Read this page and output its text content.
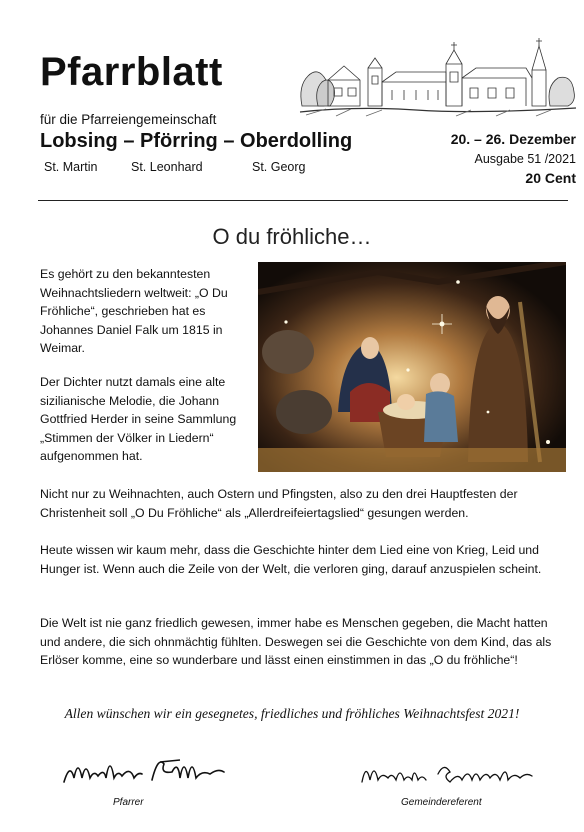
Pfarrblatt
für die Pfarreiengemeinschaft
Lobsing – Pförring – Oberdolling
St. Martin	St. Leonhard	St. Georg
20. – 26. Dezember
Ausgabe 51 /2021
20 Cent
O du fröhliche…
Es gehört zu den bekanntesten Weihnachtsliedern weltweit: „O Du Fröhliche“, geschrieben hat es Johannes Daniel Falk um 1815 in Weimar.
Der Dichter nutzt damals eine alte sizilianische Melodie, die Johann Gottfried Herder in seine Sammlung „Stimmen der Völker in Liedern“ aufgenommen hat.
Nicht nur zu Weihnachten, auch Ostern und Pfingsten, also zu den drei Hauptfesten der Christenheit soll „O Du Fröhliche“ als „Allerdreifeiertagslied“ gesungen werden.
Heute wissen wir kaum mehr, dass die Geschichte hinter dem Lied eine von Krieg, Leid und Hunger ist. Wenn auch die Zeile von der Welt, die verloren ging, darauf anzuspielen scheint.
Die Welt ist nie ganz friedlich gewesen, immer habe es Menschen gegeben, die Macht hatten und andere, die sich ohnmächtig fühlten. Deswegen sei die Geschichte von dem Kind, das als Erlöser komme, eine so wunderbare und lässt einen einstimmen in das „O du fröhliche“!
Allen wünschen wir ein gesegnetes, friedliches und fröhliches Weihnachtsfest 2021!
Pfarrer	Gemeindereferent
